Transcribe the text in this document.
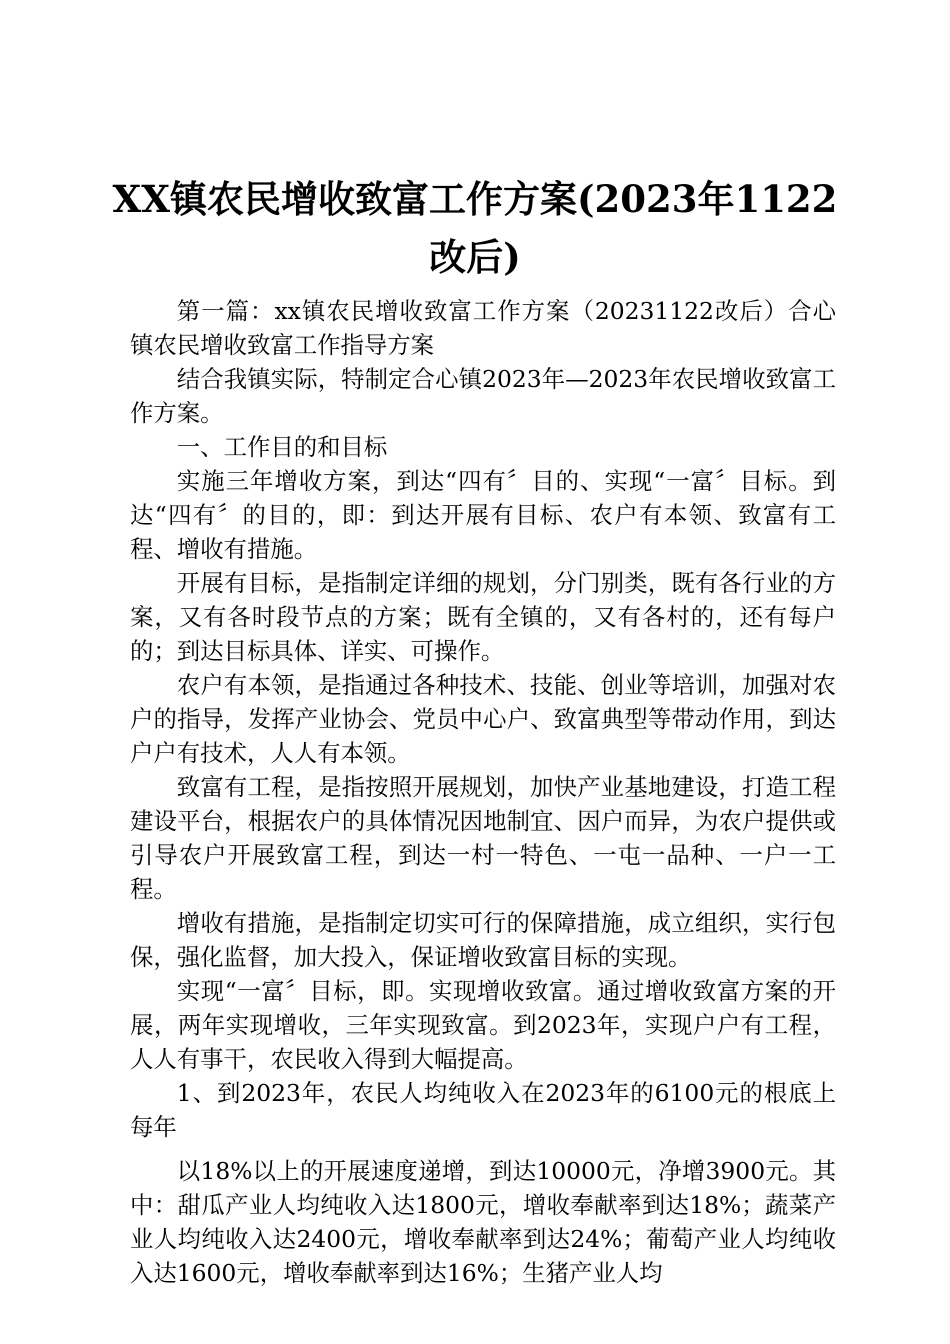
XX镇农民增收致富工作方案(2023年1122改后)

第一篇：xx镇农民增收致富工作方案（20231122改后）合心镇农民增收致富工作指导方案

结合我镇实际，特制定合心镇2023年—2023年农民增收致富工作方案。

一、工作目的和目标

实施三年增收方案，到达“四有〞目的、实现“一富〞目标。到达“四有〞的目的，即：到达开展有目标、农户有本领、致富有工程、增收有措施。

开展有目标，是指制定详细的规划，分门别类，既有各行业的方案，又有各时段节点的方案；既有全镇的，又有各村的，还有每户的；到达目标具体、详实、可操作。

农户有本领，是指通过各种技术、技能、创业等培训，加强对农户的指导，发挥产业协会、党员中心户、致富典型等带动作用，到达户户有技术，人人有本领。

致富有工程，是指按照开展规划，加快产业基地建设，打造工程建设平台，根据农户的具体情况因地制宜、因户而异，为农户提供或引导农户开展致富工程，到达一村一特色、一屯一品种、一户一工程。

增收有措施，是指制定切实可行的保障措施，成立组织，实行包保，强化监督，加大投入，保证增收致富目标的实现。

实现“一富〞目标，即。实现增收致富。通过增收致富方案的开展，两年实现增收，三年实现致富。到2023年，实现户户有工程，人人有事干，农民收入得到大幅提高。

1、到2023年，农民人均纯收入在2023年的6100元的根底上每年

以18%以上的开展速度递增，到达10000元，净增3900元。其中：甜瓜产业人均纯收入达1800元，增收奉献率到达18%；蔬菜产业人均纯收入达2400元，增收奉献率到达24%；葡萄产业人均纯收入达1600元，增收奉献率到达16%；生猪产业人均
